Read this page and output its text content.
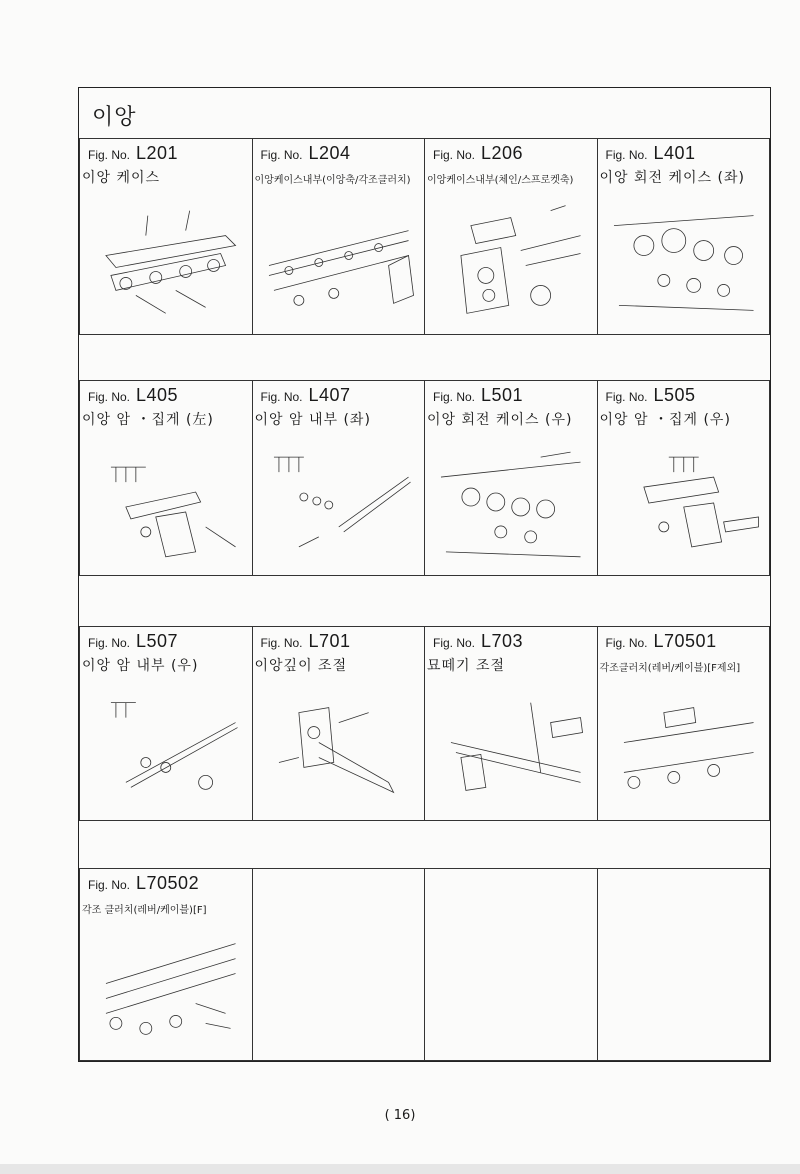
이앙
Fig. No. L201
이앙 케이스
Fig. No. L204
이앙케이스내부(이앙축/각조클러치)
Fig. No. L206
이앙케이스내부(체인/스프로켓축)
Fig. No. L401
이앙 회전 케이스 (좌)
Fig. No. L405
이앙 암 ・집게 (左)
Fig. No. L407
이앙 암 내부 (좌)
Fig. No. L501
이앙 회전 케이스 (우)
Fig. No. L505
이앙 암 ・집게 (우)
Fig. No. L507
이앙 암 내부 (우)
Fig. No. L701
이앙깊이 조절
Fig. No. L703
묘떼기 조절
Fig. No. L70501
각조클러치(레버/케이블)[F제외]
Fig. No. L70502
각조 클러치(레버/케이블)[F]
( 16)
